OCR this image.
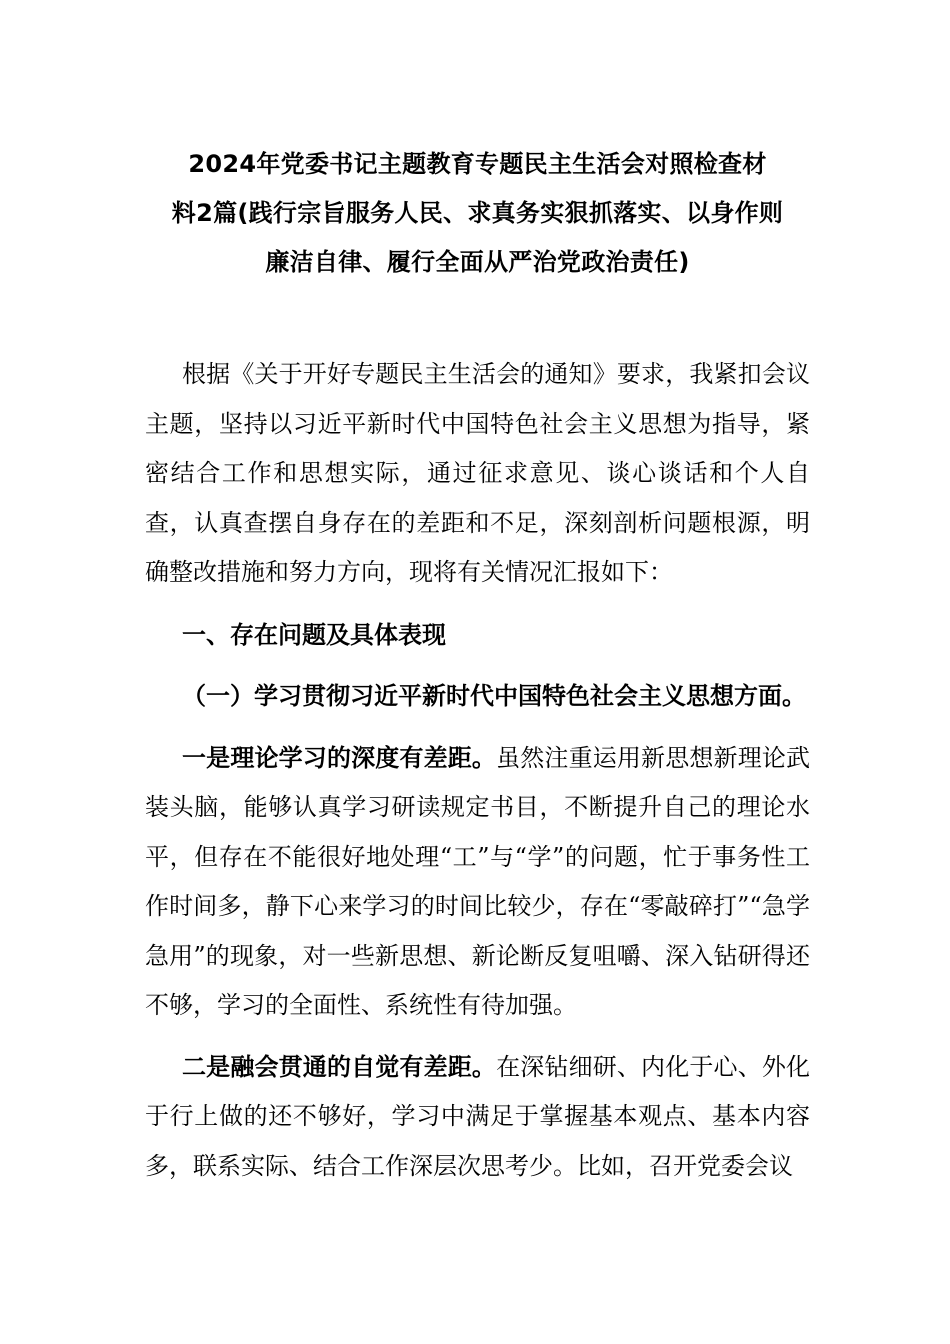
2024年党委书记主题教育专题民主生活会对照检查材
料2篇(践行宗旨服务人民、求真务实狠抓落实、以身作则
廉洁自律、履行全面从严治党政治责任)

根据《关于开好专题民主生活会的通知》要求，我紧扣会议主题，坚持以习近平新时代中国特色社会主义思想为指导，紧密结合工作和思想实际，通过征求意见、谈心谈话和个人自查，认真查摆自身存在的差距和不足，深刻剖析问题根源，明确整改措施和努力方向，现将有关情况汇报如下：

一、存在问题及具体表现

（一）学习贯彻习近平新时代中国特色社会主义思想方面。

一是理论学习的深度有差距。虽然注重运用新思想新理论武装头脑，能够认真学习研读规定书目，不断提升自己的理论水平，但存在不能很好地处理“工”与“学”的问题，忙于事务性工作时间多，静下心来学习的时间比较少，存在“零敲碎打”“急学急用”的现象，对一些新思想、新论断反复咀嚼、深入钻研得还不够，学习的全面性、系统性有待加强。

二是融会贯通的自觉有差距。在深钻细研、内化于心、外化于行上做的还不够好，学习中满足于掌握基本观点、基本内容多，联系实际、结合工作深层次思考少。比如，召开党委会议
